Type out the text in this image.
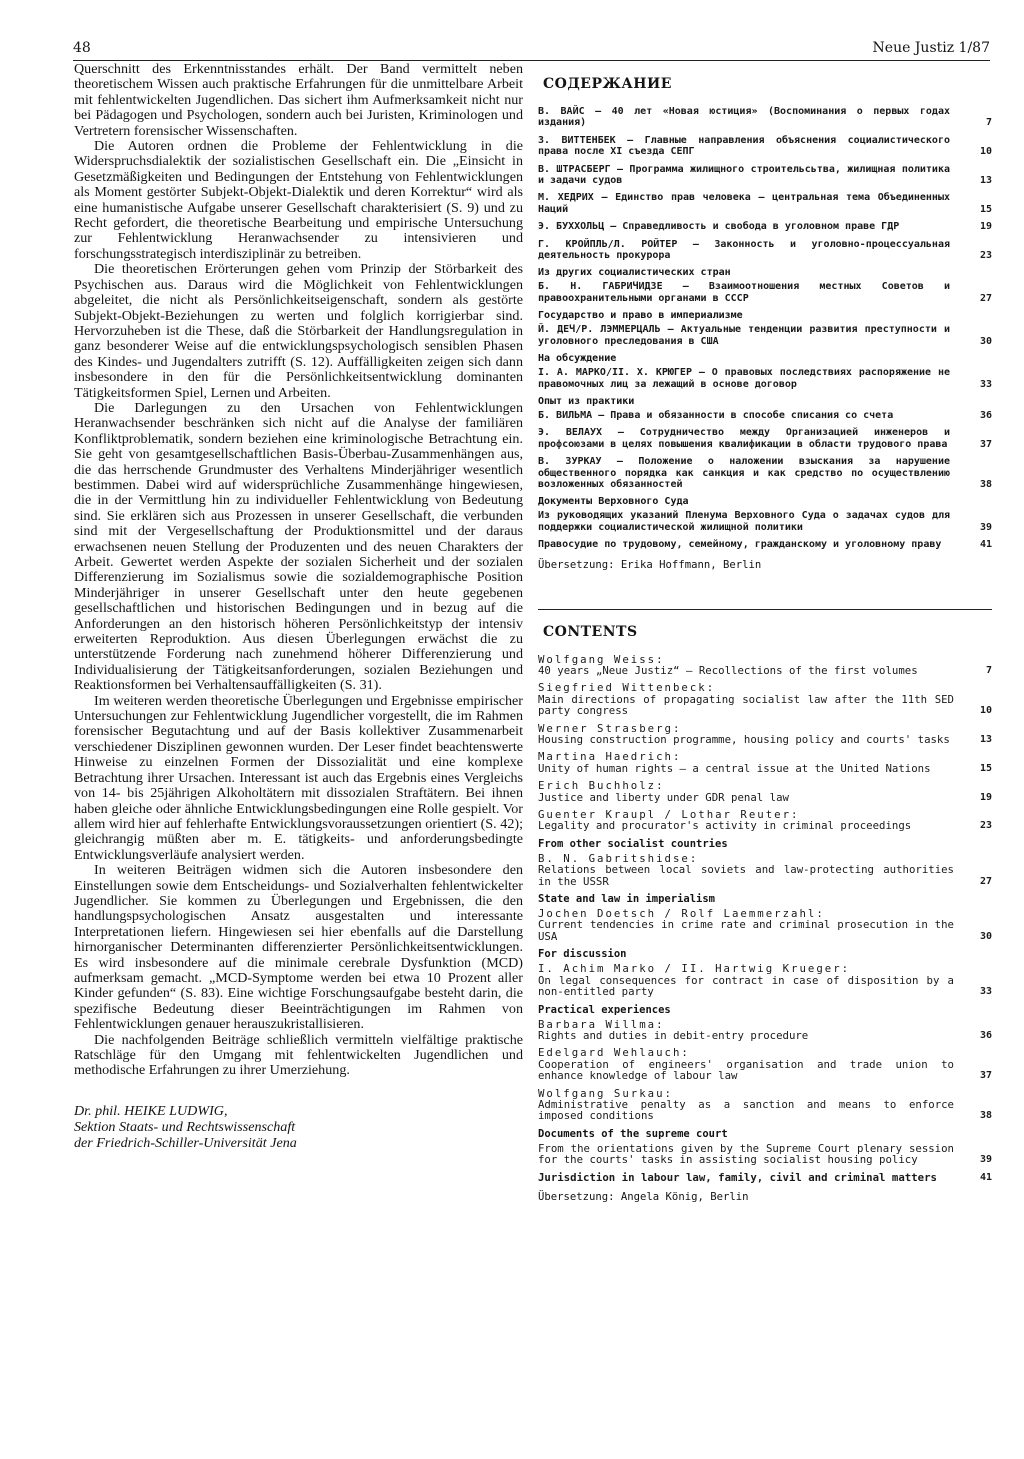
48	Neue Justiz 1/87

Querschnitt des Erkenntnisstandes erhält. Der Band vermittelt neben theoretischem Wissen auch praktische Erfahrungen für die unmittelbare Arbeit mit fehlentwickelten Jugendlichen. Das sichert ihm Aufmerksamkeit nicht nur bei Pädagogen und Psychologen, sondern auch bei Juristen, Kriminologen und Vertretern forensischer Wissenschaften.

Die Autoren ordnen die Probleme der Fehlentwicklung in die Widerspruchsdialektik der sozialistischen Gesellschaft ein. Die „Einsicht in Gesetzmäßigkeiten und Bedingungen der Entstehung von Fehlentwicklungen als Moment gestörter Subjekt-Objekt-Dialektik und deren Korrektur“ wird als eine humanistische Aufgabe unserer Gesellschaft charakterisiert (S. 9) und zu Recht gefordert, die theoretische Bearbeitung und empirische Untersuchung zur Fehlentwicklung Heranwachsender zu intensivieren und forschungsstrategisch interdisziplinär zu betreiben.

Die theoretischen Erörterungen gehen vom Prinzip der Störbarkeit des Psychischen aus. Daraus wird die Möglichkeit von Fehlentwicklungen abgeleitet, die nicht als Persönlichkeitseigenschaft, sondern als gestörte Subjekt-Objekt-Beziehungen zu werten und folglich korrigierbar sind. Hervorzuheben ist die These, daß die Störbarkeit der Handlungsregulation in ganz besonderer Weise auf die entwicklungspsychologisch sensiblen Phasen des Kindes- und Jugendalters zutrifft (S. 12). Auffälligkeiten zeigen sich dann insbesondere in den für die Persönlichkeitsentwicklung dominanten Tätigkeitsformen Spiel, Lernen und Arbeiten.

Die Darlegungen zu den Ursachen von Fehlentwicklungen Heranwachsender beschränken sich nicht auf die Analyse der familiären Konfliktproblematik, sondern beziehen eine kriminologische Betrachtung ein. Sie geht von gesamtgesellschaftlichen Basis-Überbau-Zusammenhängen aus, die das herrschende Grundmuster des Verhaltens Minderjähriger wesentlich bestimmen. Dabei wird auf widersprüchliche Zusammenhänge hingewiesen, die in der Vermittlung hin zu individueller Fehlentwicklung von Bedeutung sind. Sie erklären sich aus Prozessen in unserer Gesellschaft, die verbunden sind mit der Vergesellschaftung der Produktionsmittel und der daraus erwachsenen neuen Stellung der Produzenten und des neuen Charakters der Arbeit. Gewertet werden Aspekte der sozialen Sicherheit und der sozialen Differenzierung im Sozialismus sowie die sozialdemographische Position Minderjähriger in unserer Gesellschaft unter den heute gegebenen gesellschaftlichen und historischen Bedingungen und in bezug auf die Anforderungen an den historisch höheren Persönlichkeitstyp der intensiv erweiterten Reproduktion. Aus diesen Überlegungen erwächst die zu unterstützende Forderung nach zunehmend höherer Differenzierung und Individualisierung der Tätigkeitsanforderungen, sozialen Beziehungen und Reaktionsformen bei Verhaltensauffälligkeiten (S. 31).

Im weiteren werden theoretische Überlegungen und Ergebnisse empirischer Untersuchungen zur Fehlentwicklung Jugendlicher vorgestellt, die im Rahmen forensischer Begutachtung und auf der Basis kollektiver Zusammenarbeit verschiedener Disziplinen gewonnen wurden. Der Leser findet beachtenswerte Hinweise zu einzelnen Formen der Dissozialität und eine komplexe Betrachtung ihrer Ursachen. Interessant ist auch das Ergebnis eines Vergleichs von 14- bis 25jährigen Alkoholtätern mit dissozialen Straftätern. Bei ihnen haben gleiche oder ähnliche Entwicklungsbedingungen eine Rolle gespielt. Vor allem wird hier auf fehlerhafte Entwicklungsvoraussetzungen orientiert (S. 42); gleichrangig müßten aber m. E. tätigkeits- und anforderungsbedingte Entwicklungsverläufe analysiert werden.

In weiteren Beiträgen widmen sich die Autoren insbesondere den Einstellungen sowie dem Entscheidungs- und Sozialverhalten fehlentwickelter Jugendlicher. Sie kommen zu Überlegungen und Ergebnissen, die den handlungspsychologischen Ansatz ausgestalten und interessante Interpretationen liefern. Hingewiesen sei hier ebenfalls auf die Darstellung hirnorganischer Determinanten differenzierter Persönlichkeitsentwicklungen. Es wird insbesondere auf die minimale cerebrale Dysfunktion (MCD) aufmerksam gemacht. „MCD-Symptome werden bei etwa 10 Prozent aller Kinder gefunden“ (S. 83). Eine wichtige Forschungsaufgabe besteht darin, die spezifische Bedeutung dieser Beeinträchtigungen im Rahmen von Fehlentwicklungen genauer herauszukristallisieren.

Die nachfolgenden Beiträge schließlich vermitteln vielfältige praktische Ratschläge für den Umgang mit fehlentwickelten Jugendlichen und methodische Erfahrungen zu ihrer Umerziehung.

Dr. phil. HEIKE LUDWIG,
Sektion Staats- und Rechtswissenschaft
der Friedrich-Schiller-Universität Jena
СОДЕРЖАНИЕ
В. ВАЙС — 40 лет «Новая юстиция» (Воспоминания о первых годах издания)	7
З. ВИТТЕНБЕК — Главные направления объяснения социалистического права после XI съезда СЕПГ	10
В. ШТРАСБЕРГ — Программа жилищного строительсьтва, жилищная политика и задачи судов	13
М. ХЕДРИХ — Единство прав человека — центральная тема Объединенных Наций	15
Э. БУХХОЛЬЦ — Справедливость и свобода в уголовном праве ГДР	19
Г. КРОЙПЛЬ/Л. РОЙТЕР — Законность и уголовно-процессуальная деятельность прокурора	23
Из других социалистических стран
Б. Н. ГАБРИЧИДЗЕ — Взаимоотношения местных Советов и правоохранительными органами в СССР	27
Государство и право в империализме
Й. ДЕЧ/Р. ЛЭММЕРЦАЛЬ — Актуальные тенденции развития преступности и уголовного преследования в США	30
На обсуждение
I. А. МАРКО/II. Х. КРЮГЕР — О правовых последствиях распоряжение не правомочных лиц за лежащий в основе договор	33
Опыт из практики
Б. ВИЛЬМА — Права и обязанности в способе списания со счета	36
Э. ВЕЛАУХ — Сотрудничество между Организацией инженеров и профсоюзами в целях повышения квалификации в области трудового права	37
В. ЗУРКАУ — Положение о наложении взыскания за нарушение общественного порядка как санкция и как средство по осуществлению возложенных обязанностей	38
Документы Верховного Суда
Из руководящих указаний Пленума Верховного Суда о задачах судов для поддержки социалистической жилищной политики	39
Правосудие по трудовому, семейному, гражданскому и уголовному праву	41
Übersetzung: Erika Hoffmann, Berlin
CONTENTS
Wolfgang Weiss:
40 years „Neue Justiz“ — Recollections of the first volumes	7
Siegfried Wittenbeck:
Main directions of propagating socialist law after the 11th SED party congress	10
Werner Strasberg:
Housing construction programme, housing policy and courts' tasks	13
Martina Haedrich:
Unity of human rights — a central issue at the United Nations	15
Erich Buchholz:
Justice and liberty under GDR penal law	19
Guenter Kraupl / Lothar Reuter:
Legality and procurator's activity in criminal proceedings	23
From other socialist countries
B. N. Gabritshidse:
Relations between local soviets and law-protecting authorities in the USSR	27
State and law in imperialism
Jochen Doetsch / Rolf Laemmerzahl:
Current tendencies in crime rate and criminal prosecution in the USA	30
For discussion
I. Achim Marko / II. Hartwig Krueger:
On legal consequences for contract in case of disposition by a non-entitled party	33
Practical experiences
Barbara Willma:
Rights and duties in debit-entry procedure	36
Edelgard Wehlauch:
Cooperation of engineers' organisation and trade union to enhance knowledge of labour law	37
Wolfgang Surkau:
Administrative penalty as a sanction and means to enforce imposed conditions	38
Documents of the supreme court
From the orientations given by the Supreme Court plenary session for the courts' tasks in assisting socialist housing policy	39
Jurisdiction in labour law, family, civil and criminal matters	41
Übersetzung: Angela König, Berlin
